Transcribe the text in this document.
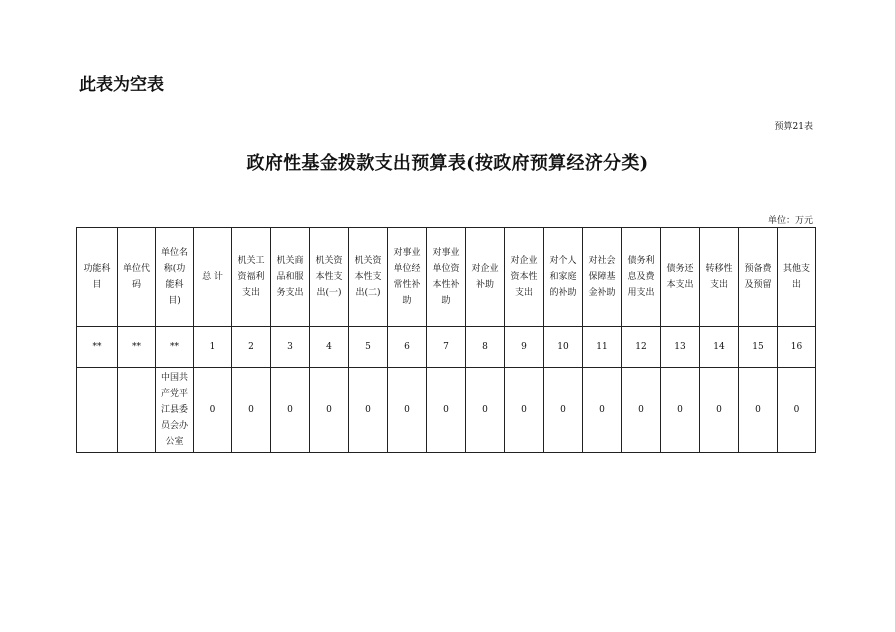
此表为空表
预算21表
政府性基金拨款支出预算表(按政府预算经济分类)
单位：万元
功能科目	单位代码	单位名称(功能科目)	总 计	机关工资福利支出	机关商品和服务支出	机关资本性支出(一)	机关资本性支出(二)	对事业单位经常性补助	对事业单位资本性补助	对企业补助	对企业资本性支出	对个人和家庭的补助	对社会保障基金补助	债务利息及费用支出	债务还本支出	转移性支出	预备费及预留	其他支出
**	**	**	1	2	3	4	5	6	7	8	9	10	11	12	13	14	15	16
		中国共产党平江县委员会办公室	0	0	0	0	0	0	0	0	0	0	0	0	0	0	0	0
